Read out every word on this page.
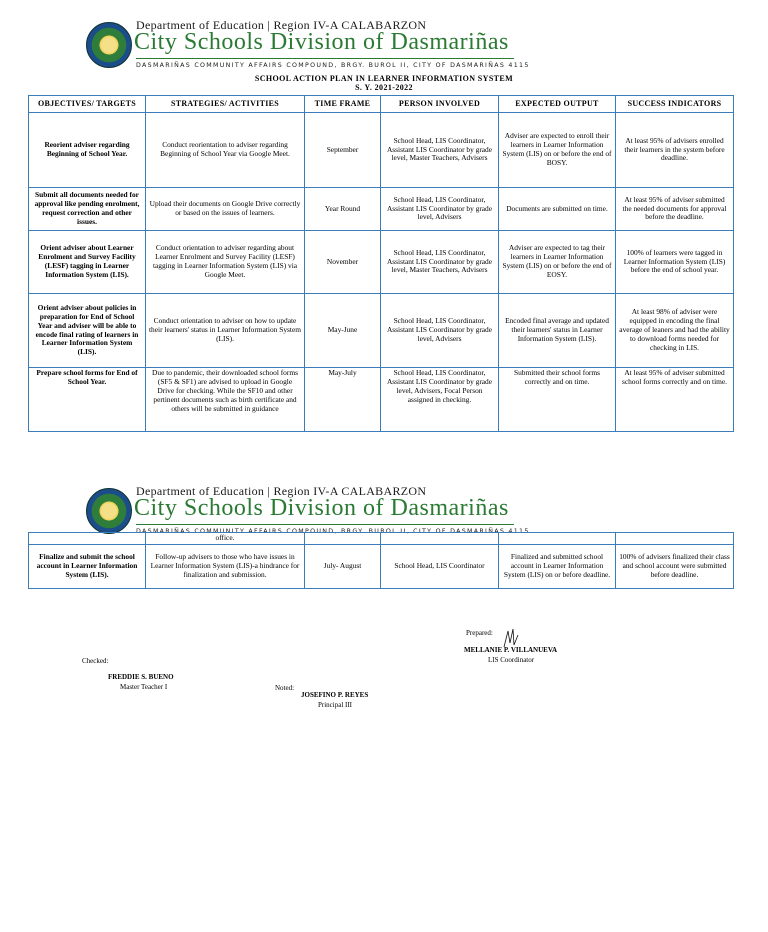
Department of Education | Region IV-A CALABARZON
City Schools Division of Dasmariñas
DASMARIÑAS COMMUNITY AFFAIRS COMPOUND, BRGY. BUROL II, CITY OF DASMARIÑAS 4115
SCHOOL ACTION PLAN IN LEARNER INFORMATION SYSTEM
S. Y. 2021-2022
OBJECTIVES/ TARGETS	STRATEGIES/ ACTIVITIES	TIME FRAME	PERSON INVOLVED	EXPECTED OUTPUT	SUCCESS INDICATORS
Reorient adviser regarding Beginning of School Year.	Conduct reorientation to adviser regarding Beginning of School Year via Google Meet.	September	School Head, LIS Coordinator, Assistant LIS Coordinator by grade level, Master Teachers, Advisers	Adviser are expected to enroll their learners in Learner Information System (LIS) on or before the end of BOSY.	At least 95% of advisers enrolled their learners in the system before deadline.
Submit all documents needed for approval like pending enrolment, request correction and other issues.	Upload their documents on Google Drive correctly or based on the issues of learners.	Year Round	School Head, LIS Coordinator, Assistant LIS Coordinator by grade level, Advisers	Documents are submitted on time.	At least 95% of adviser submitted the needed documents for approval before the deadline.
Orient adviser about Learner Enrolment and Survey Facility (LESF) tagging in Learner Information System (LIS).	Conduct orientation to adviser regarding about Learner Enrolment and Survey Facility (LESF) tagging in Learner Information System (LIS) via Google Meet.	November	School Head, LIS Coordinator, Assistant LIS Coordinator by grade level, Master Teachers, Advisers	Adviser are expected to tag their learners in Learner Information System (LIS) on or before the end of EOSY.	100% of learners were tagged in Learner Information System (LIS) before the end of school year.
Orient adviser about policies in preparation for End of School Year and adviser will be able to encode final rating of learners in Learner Information System (LIS).	Conduct orientation to adviser on how to update their learners' status in Learner Information System (LIS).	May-June	School Head, LIS Coordinator, Assistant LIS Coordinator by grade level, Advisers	Encoded final average and updated their learners' status in Learner Information System (LIS).	At least 98% of adviser were equipped in encoding the final average of leaners and had the ability to download forms needed for checking in LIS.
Prepare school forms for End of School Year.	Due to pandemic, their downloaded school forms (SF5 & SF1) are advised to upload in Google Drive for checking. While the SF10 and other pertinent documents such as birth certificate and others will be submitted in guidance	May-July	School Head, LIS Coordinator, Assistant LIS Coordinator by grade level, Advisers, Focal Person assigned in checking.	Submitted their school forms correctly and on time.	At least 95% of adviser submitted school forms correctly and on time.
Department of Education | Region IV-A CALABARZON
City Schools Division of Dasmariñas
DASMARIÑAS COMMUNITY AFFAIRS COMPOUND, BRGY. BUROL II, CITY OF DASMARIÑAS 4115
	office.				
Finalize and submit the school account in Learner Information System (LIS).	Follow-up advisers to those who have issues in Learner Information System (LIS)-a hindrance for finalization and submission.	July- August	School Head, LIS Coordinator	Finalized and submitted school account in Learner Information System (LIS) on or before deadline.	100% of advisers finalized their class and school account were submitted before deadline.
Prepared:
MELLANIE P. VILLANUEVA
LIS Coordinator
Checked:
FREDDIE S. BUENO
Master Teacher I	Noted:
JOSEFINO P. REYES
Principal III
